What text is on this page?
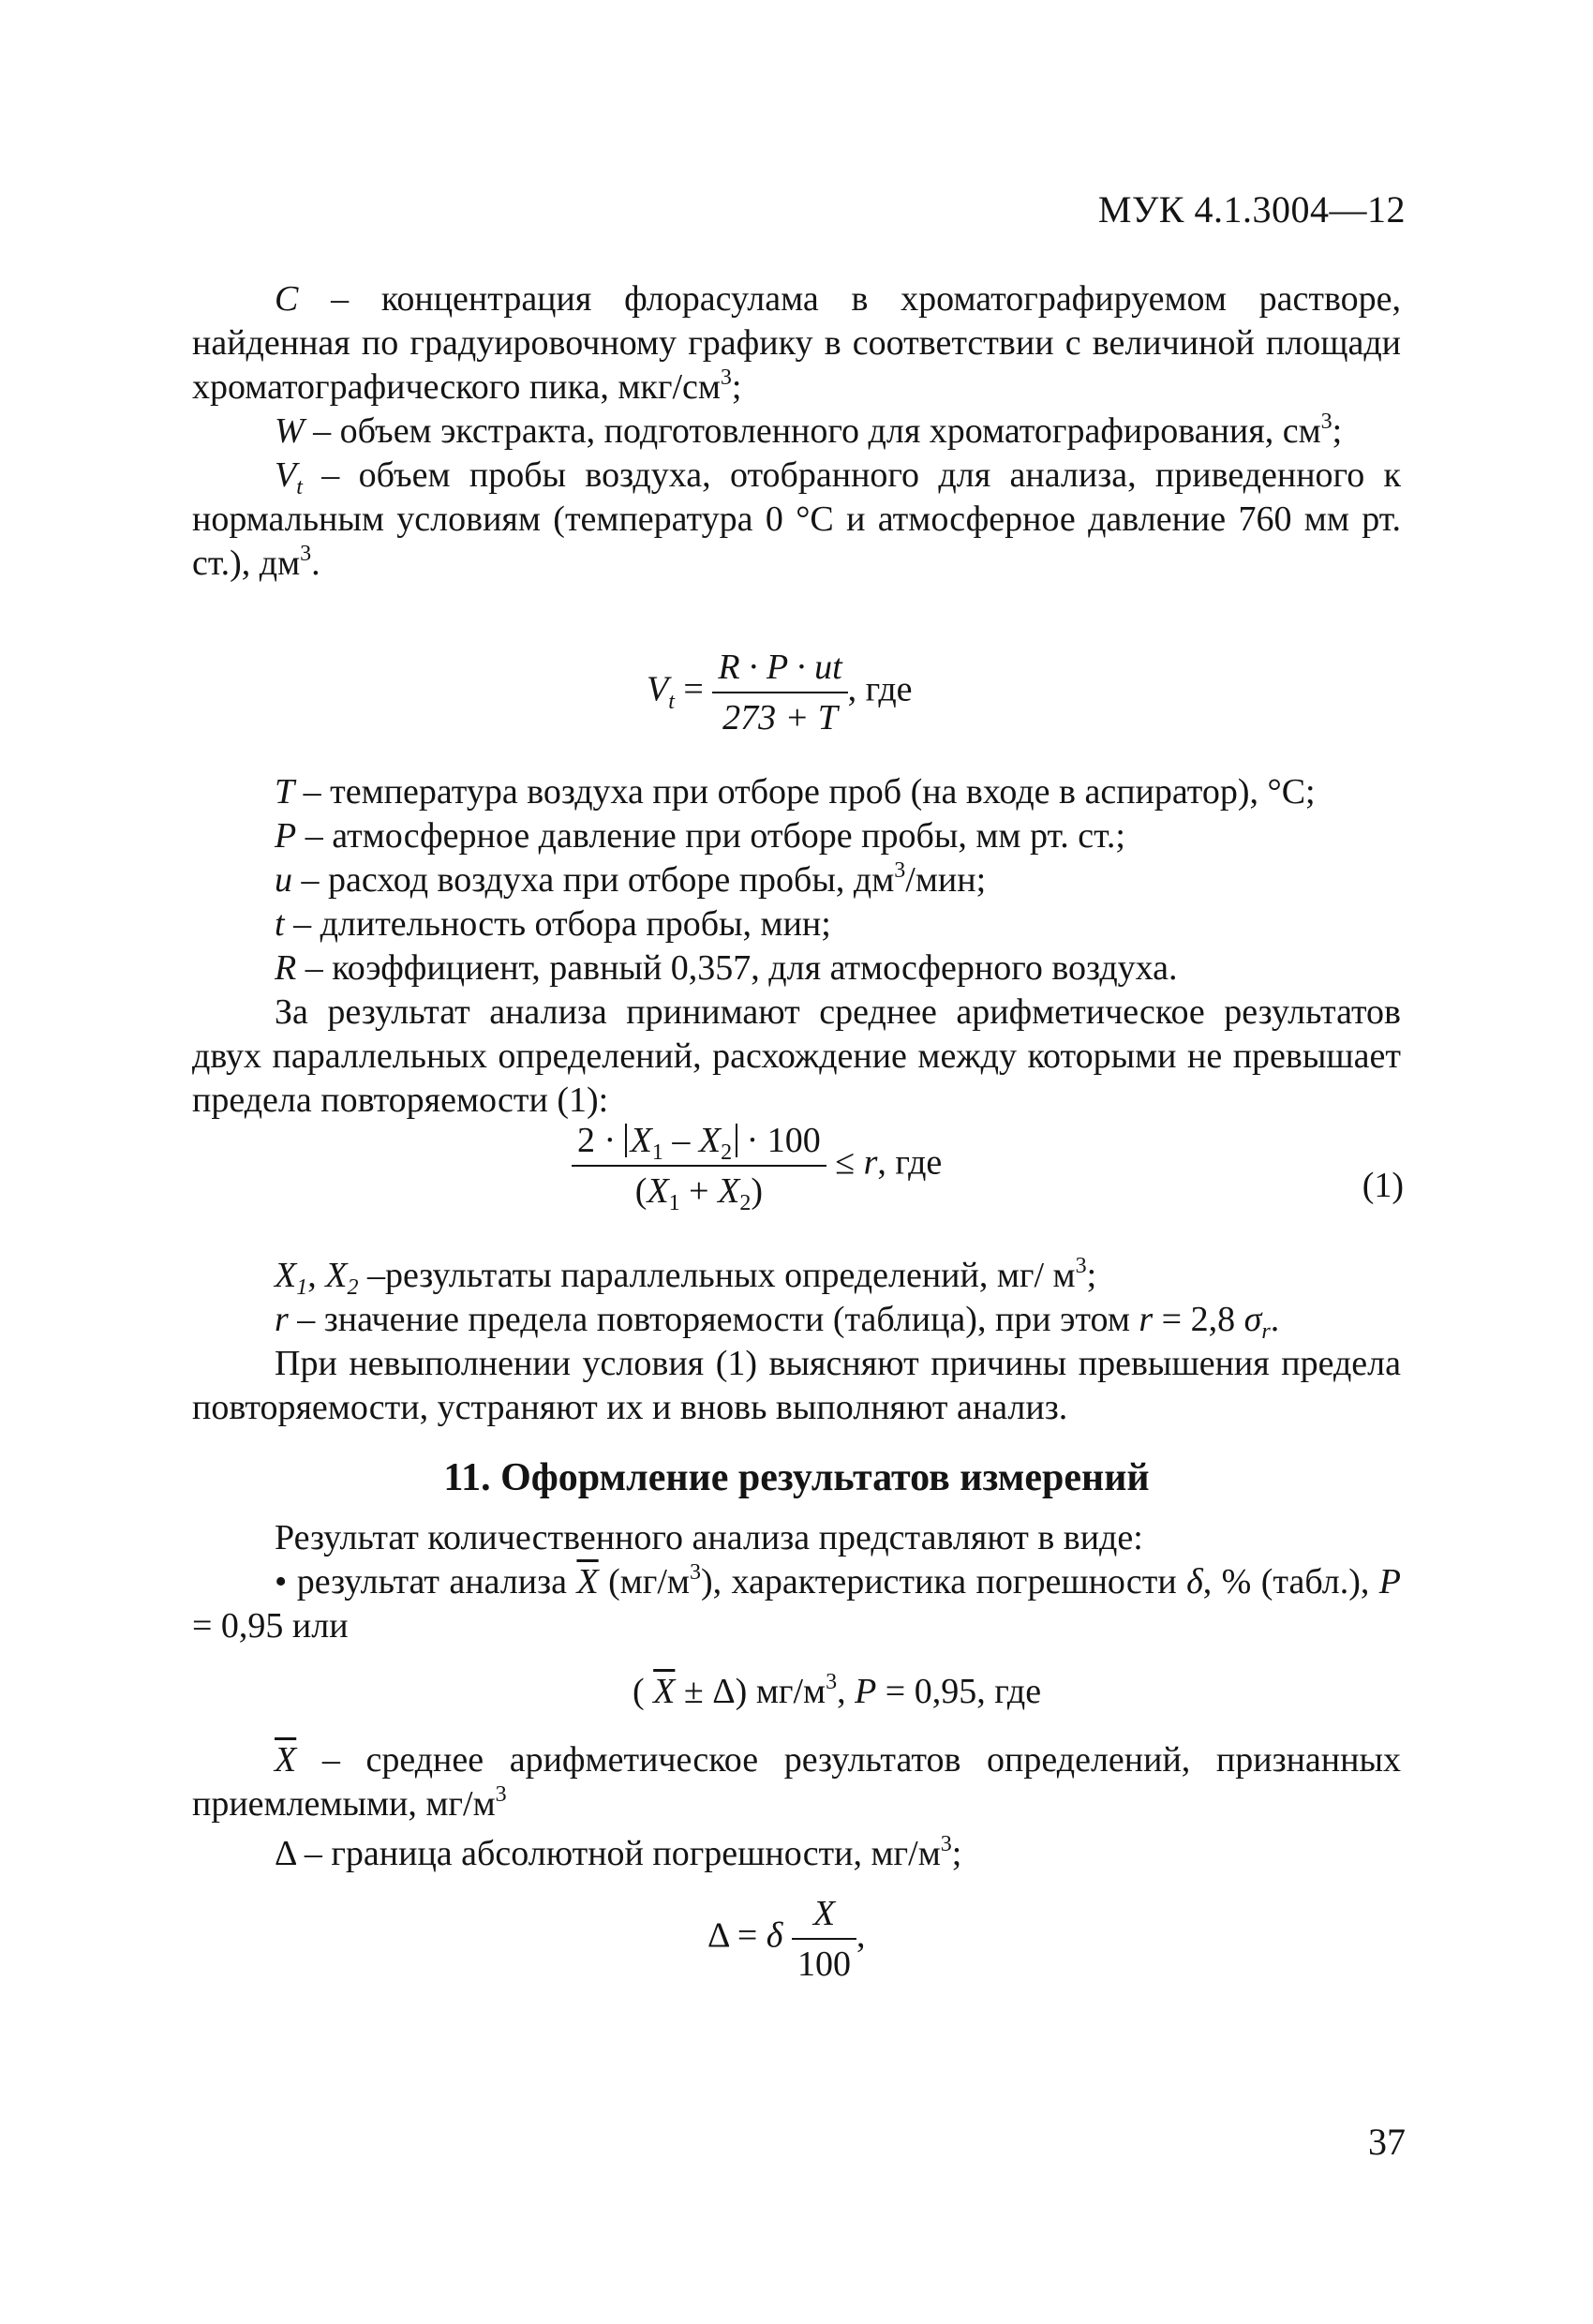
МУК 4.1.3004—12
C – концентрация флорасулама в хроматографируемом растворе, найденная по градуировочному графику в соответствии с величиной площади хроматографического пика, мкг/$см^3$;
W – объем экстракта, подготовленного для хроматографирования, $см^3$;
$V_t$ – объем пробы воздуха, отобранного для анализа, приведенного к нормальным условиям (температура 0 °С и атмосферное давление 760 мм рт. ст.), $дм^3$.
$V_t = \frac{R \cdot P \cdot ut}{273 + T}$ , где
T – температура воздуха при отборе проб (на входе в аспиратор), °С;
P – атмосферное давление при отборе пробы, мм рт. ст.;
u – расход воздуха при отборе пробы, $дм^3$/мин;
t – длительность отбора пробы, мин;
R – коэффициент, равный 0,357, для атмосферного воздуха.
За результат анализа принимают среднее арифметическое результатов двух параллельных определений, расхождение между которыми не превышает предела повторяемости (1):
$\frac{2 \cdot X_1 - X_2 \cdot 100}{(X_1 + X_2)} \le r$, где
(1)
$X_1$, $X_2$ –результаты параллельных определений, мг/ $м^3$;
r – значение предела повторяемости (таблица), при этом r = 2,8 $\sigma_r$.
При невыполнении условия (1) выясняют причины превышения предела повторяемости, устраняют их и вновь выполняют анализ.
11. Оформление результатов измерений
Результат количественного анализа представляют в виде:
• результат анализа $\overline{X}$ $(мг/м^3)$, характеристика погрешности δ, % (табл.), P = 0,95 или
( $\overline{X} \pm \Delta$) $мг/м^3$, P = 0,95, где
$\overline{X}$ – среднее арифметическое результатов определений, признанных приемлемыми, $мг/м^3$
Δ – граница абсолютной погрешности, $мг/м^3$;
Δ = δ $\frac{X}{100}$ ,
37
